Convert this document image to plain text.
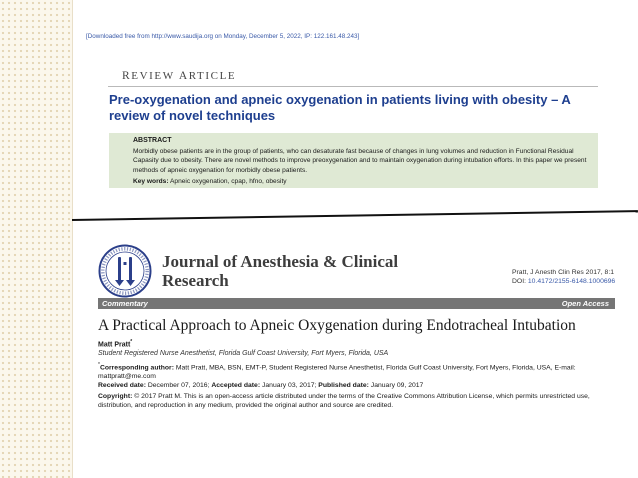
[Downloaded free from http://www.saudija.org on Monday, December 5, 2022, IP: 122.161.48.243]
REVIEW ARTICLE
Pre-oxygenation and apneic oxygenation in patients living with obesity – A review of novel techniques
ABSTRACT
Morbidly obese patients are in the group of patients, who can desaturate fast because of changes in lung volumes and reduction in Functional Residual Capasity due to obesity. There are novel methods to improve preoxygenation and to maintain oxygenation during intubation efforts. In this paper we present methods of apneic oxygenation for morbidly obese patients.
Key words: Apneic oxygenation, cpap, hfno, obesity
Journal of Anesthesia & Clinical Research	Pratt, J Anesth Clin Res 2017, 8:1
DOI: 10.4172/2155-6148.1000696
Commentary	Open Access
A Practical Approach to Apneic Oxygenation during Endotracheal Intubation
Matt Pratt*
Student Registered Nurse Anesthetist, Florida Gulf Coast University, Fort Myers, Florida, USA
*Corresponding author: Matt Pratt, MBA, BSN, EMT-P, Student Registered Nurse Anesthetist, Florida Gulf Coast University, Fort Myers, Florida, USA, E-mail: mattpratt@me.com
Received date: December 07, 2016; Accepted date: January 03, 2017; Published date: January 09, 2017
Copyright: © 2017 Pratt M. This is an open-access article distributed under the terms of the Creative Commons Attribution License, which permits unrestricted use, distribution, and reproduction in any medium, provided the original author and source are credited.
